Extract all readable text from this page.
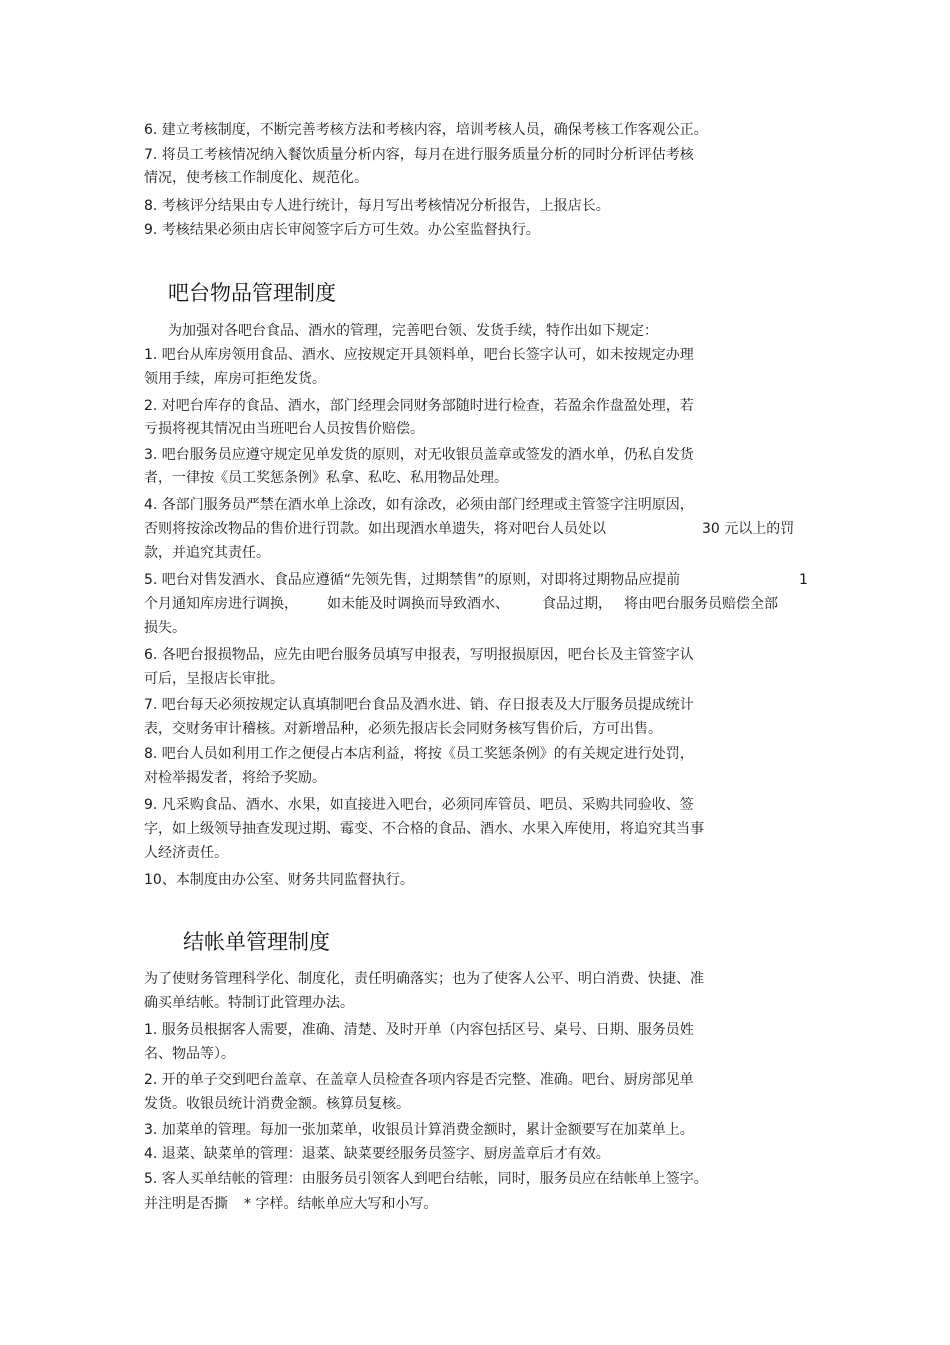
6. 建立考核制度，不断完善考核方法和考核内容，培训考核人员，确保考核工作客观公正。
7. 将员工考核情况纳入餐饮质量分析内容，每月在进行服务质量分析的同时分析评估考核
情况，使考核工作制度化、规范化。
8. 考核评分结果由专人进行统计，每月写出考核情况分析报告，上报店长。
9. 考核结果必须由店长审阅签字后方可生效。办公室监督执行。
吧台物品管理制度
为加强对各吧台食品、酒水的管理，完善吧台领、发货手续，特作出如下规定：
1. 吧台从库房领用食品、酒水、应按规定开具领料单，吧台长签字认可，如未按规定办理
领用手续，库房可拒绝发货。
2. 对吧台库存的食品、酒水，部门经理会同财务部随时进行检查，若盈余作盘盈处理，若
亏损将视其情况由当班吧台人员按售价赔偿。
3. 吧台服务员应遵守规定见单发货的原则，对无收银员盖章或签发的酒水单，仍私自发货
者，一律按《员工奖惩条例》私拿、私吃、私用物品处理。
4. 各部门服务员严禁在酒水单上涂改，如有涂改，必须由部门经理或主管签字注明原因，
否则将按涂改物品的售价进行罚款。如出现酒水单遗失，将对吧台人员处以	30 元以上的罚
款，并追究其责任。
5. 吧台对售发酒水、食品应遵循“先领先售，过期禁售”的原则，对即将过期物品应提前	1
个月通知库房进行调换， 如未能及时调换而导致酒水、 食品过期， 将由吧台服务员赔偿全部
损失。
6. 各吧台报损物品，应先由吧台服务员填写申报表，写明报损原因，吧台长及主管签字认
可后，呈报店长审批。
7. 吧台每天必须按规定认真填制吧台食品及酒水进、销、存日报表及大厅服务员提成统计
表，交财务审计稽核。对新增品种，必须先报店长会同财务核写售价后，方可出售。
8. 吧台人员如利用工作之便侵占本店利益，将按《员工奖惩条例》的有关规定进行处罚，
对检举揭发者，将给予奖励。
9. 凡采购食品、酒水、水果，如直接进入吧台，必须同库管员、吧员、采购共同验收、签
字，如上级领导抽查发现过期、霉变、不合格的食品、酒水、水果入库使用，将追究其当事
人经济责任。
10、本制度由办公室、财务共同监督执行。
结帐单管理制度
为了使财务管理科学化、制度化，责任明确落实；也为了使客人公平、明白消费、快捷、准
确买单结帐。特制订此管理办法。
1. 服务员根据客人需要，准确、清楚、及时开单（内容包括区号、桌号、日期、服务员姓
名、物品等）。
2. 开的单子交到吧台盖章、在盖章人员检查各项内容是否完整、准确。吧台、厨房部见单
发货。收银员统计消费金额。核算员复核。
3. 加菜单的管理。每加一张加菜单，收银员计算消费金额时，累计金额要写在加菜单上。
4. 退菜、缺菜单的管理：退菜、缺菜要经服务员签字、厨房盖章后才有效。
5. 客人买单结帐的管理：由服务员引领客人到吧台结帐，同时，服务员应在结帐单上签字。
并注明是否撕 * 字样。结帐单应大写和小写。
